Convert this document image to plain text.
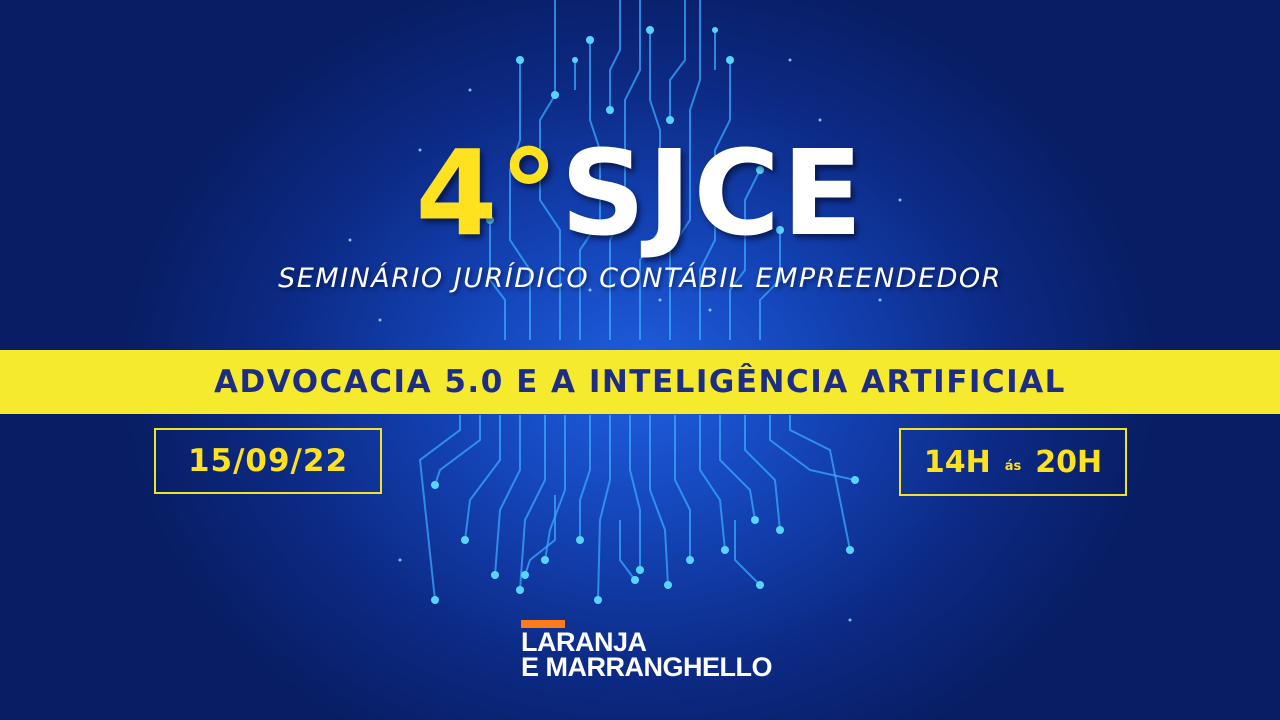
4°SJCE
SEMINÁRIO JURÍDICO CONTÁBIL EMPREENDEDOR
ADVOCACIA 5.0 E A INTELIGÊNCIA ARTIFICIAL
15/09/22	14H ás 20H
LARANJA
E MARRANGHELLO
